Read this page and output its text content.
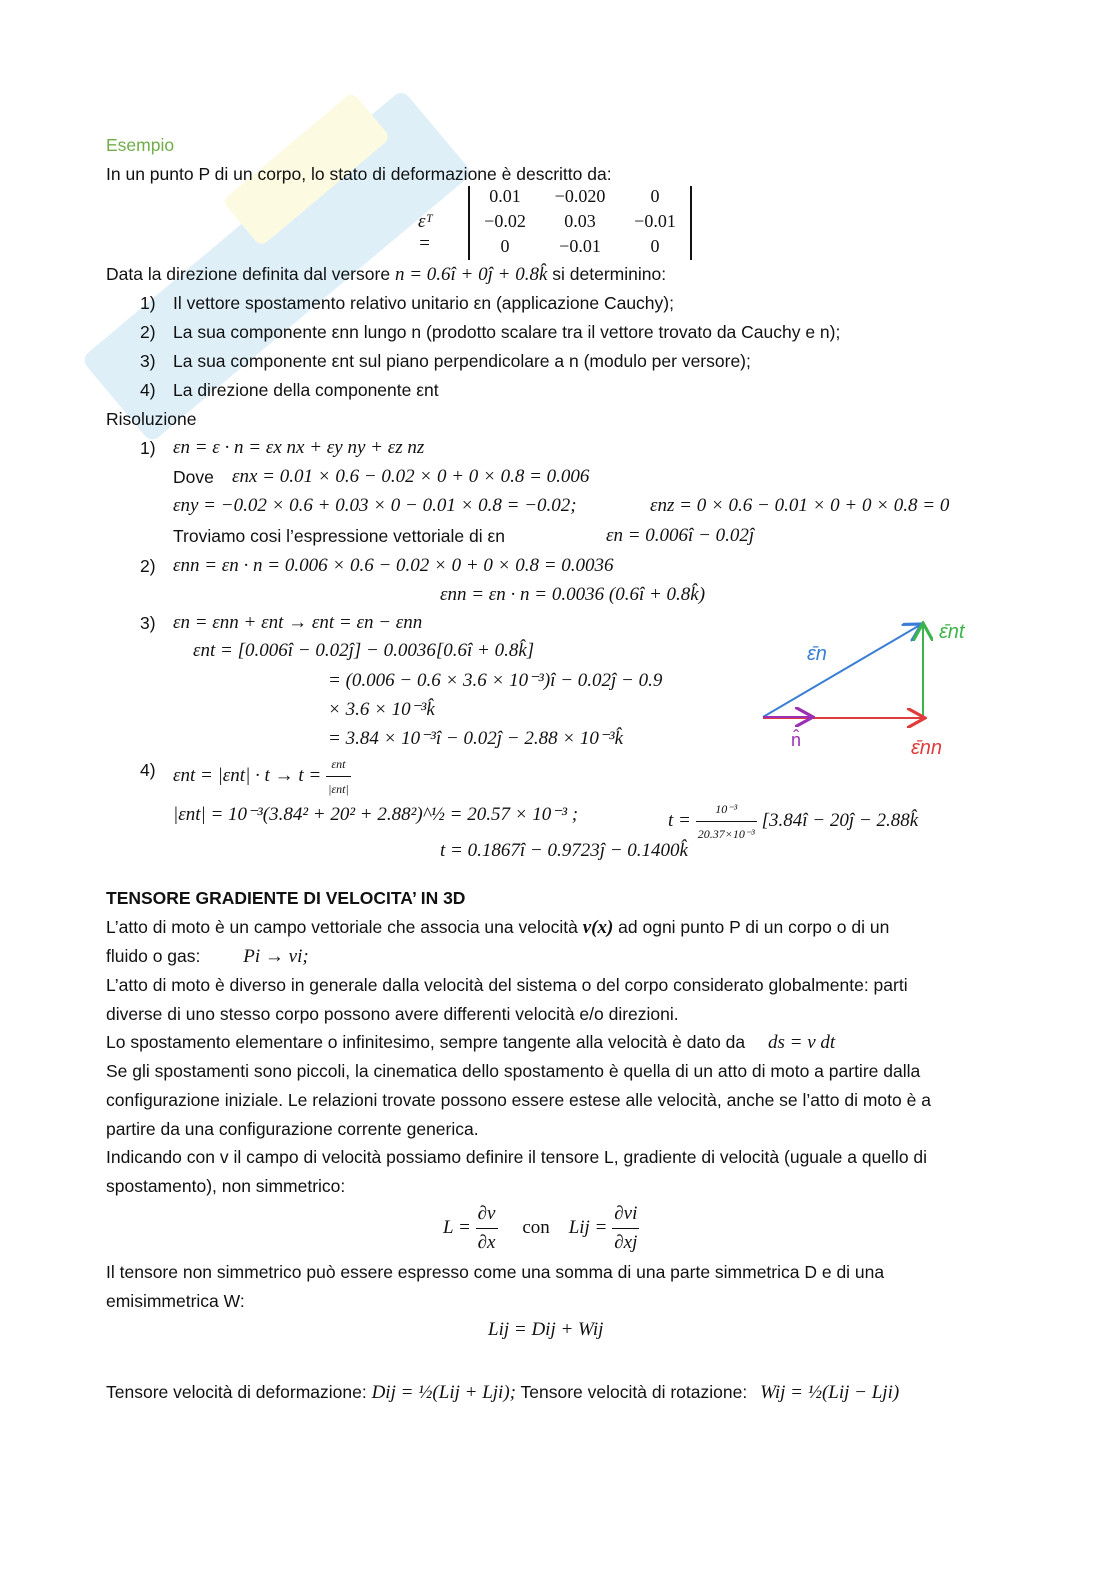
Esempio
In un punto P di un corpo, lo stato di deformazione è descritto da:
εᵀ =
0.01	−0.020	0
−0.02	0.03	−0.01
0	−0.01	0
Data la direzione definita dal versore n = 0.6î + 0ĵ + 0.8k̂ si determinino:
1) Il vettore spostamento relativo unitario εn (applicazione Cauchy);
2) La sua componente εnn lungo n (prodotto scalare tra il vettore trovato da Cauchy e n);
3) La sua componente εnt sul piano perpendicolare a n (modulo per versore);
4) La direzione della componente εnt
Risoluzione
1) εn = ε · n = εx nx + εy ny + εz nz
Dove εnx = 0.01 × 0.6 − 0.02 × 0 + 0 × 0.8 = 0.006
εny = −0.02 × 0.6 + 0.03 × 0 − 0.01 × 0.8 = −0.02;	εnz = 0 × 0.6 − 0.01 × 0 + 0 × 0.8 = 0
Troviamo cosi l’espressione vettoriale di εn	εn = 0.006î − 0.02ĵ
2) εnn = εn · n = 0.006 × 0.6 − 0.02 × 0 + 0 × 0.8 = 0.0036
εnn = εn · n = 0.0036 (0.6î + 0.8k̂)
3) εn = εnn + εnt → εnt = εn − εnn
εnt = [0.006î − 0.02ĵ] − 0.0036[0.6î + 0.8k̂]
= (0.006 − 0.6 × 3.6 × 10⁻³)î − 0.02ĵ − 0.9
× 3.6 × 10⁻³k̂
= 3.84 × 10⁻³î − 0.02ĵ − 2.88 × 10⁻³k̂
ε̄n
ε̄nt
ε̄nn
n̂
4) $\varepsilon nt = |\varepsilon nt| \cdot t \to t = \frac{\text{εnt}}{\text{|εnt|}}$
|εnt| = 10⁻³(3.84² + 20² + 2.88²)^½ = 20.57 × 10⁻³ ;	$t = \frac{\text{10⁻³}}{\text{20.37×10⁻³}}$ [3.84î − 20ĵ − 2.88k̂
t = 0.1867î − 0.9723ĵ − 0.1400k̂
TENSORE GRADIENTE DI VELOCITA’ IN 3D
L’atto di moto è un campo vettoriale che associa una velocità v(x) ad ogni punto P di un corpo o di un
fluido o gas: Pi → vi;
L’atto di moto è diverso in generale dalla velocità del sistema o del corpo considerato globalmente: parti
diverse di uno stesso corpo possono avere differenti velocità e/o direzioni.
Lo spostamento elementare o infinitesimo, sempre tangente alla velocità è dato da ds = v dt
Se gli spostamenti sono piccoli, la cinematica dello spostamento è quella di un atto di moto a partire dalla
configurazione iniziale. Le relazioni trovate possono essere estese alle velocità, anche se l’atto di moto è a
partire da una configurazione corrente generica.
Indicando con v il campo di velocità possiamo definire il tensore L, gradiente di velocità (uguale a quello di
spostamento), non simmetrico:
$L = \frac{\partial v}{\partial x}$ con Lij = $\frac{\partial vi}{\partial xj}$
Il tensore non simmetrico può essere espresso come una somma di una parte simmetrica D e di una
emisimmetrica W:
Lij = Dij + Wij
Tensore velocità di deformazione: Dij = ½(Lij + Lji); Tensore velocità di rotazione: Wij = ½(Lij − Lji)
